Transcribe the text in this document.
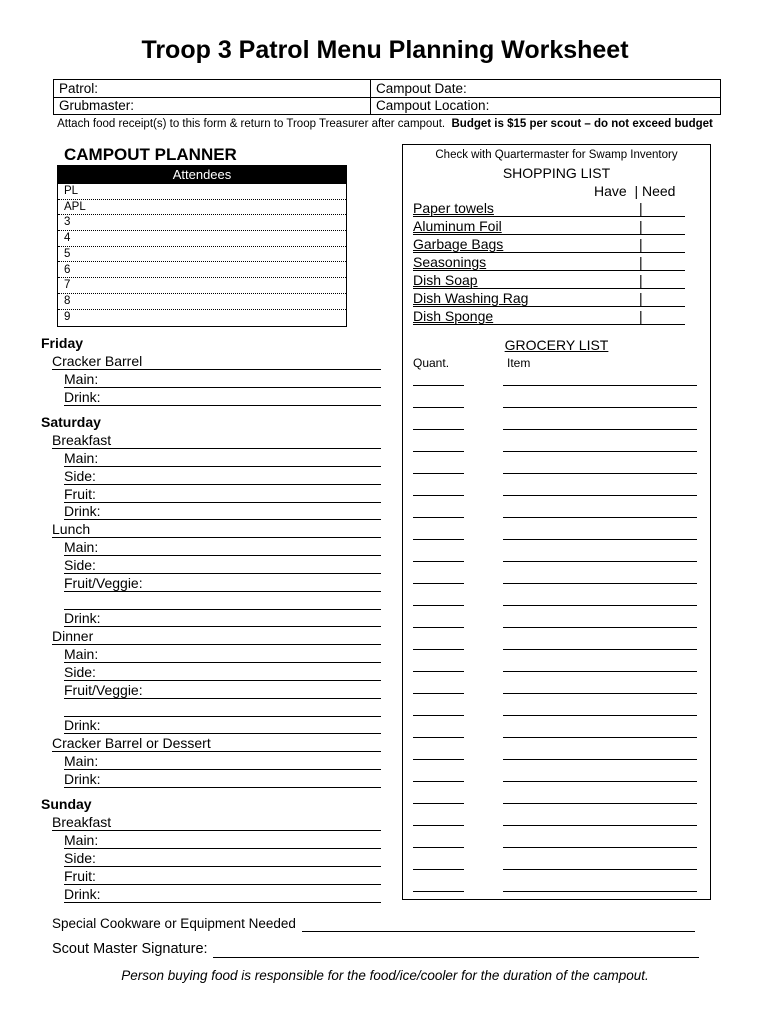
Troop 3 Patrol Menu Planning Worksheet
Patrol:
Grubmaster:
Campout Date:
Campout Location:
Attach food receipt(s) to this form & return to Troop Treasurer after campout. Budget is $15 per scout – do not exceed budget
CAMPOUT PLANNER
Attendees
PL
APL
3
4
5
6
7
8
9
Friday
Cracker Barrel
Main:
Drink:
Saturday
Breakfast
Main:
Side:
Fruit:
Drink:
Lunch
Main:
Side:
Fruit/Veggie:
Drink:
Dinner
Main:
Side:
Fruit/Veggie:
Drink:
Cracker Barrel or Dessert
Main:
Drink:
Sunday
Breakfast
Main:
Side:
Fruit:
Drink:
Check with Quartermaster for Swamp Inventory
SHOPPING LIST
Have  | Need
Paper towels
Aluminum Foil
Garbage Bags
Seasonings
Dish Soap
Dish Washing Rag
Dish Sponge
|
|
|
|
|
|
|
GROCERY LIST
Quant.	Item
Special Cookware or Equipment Needed
Scout Master Signature:
Person buying food is responsible for the food/ice/cooler for the duration of the campout.
